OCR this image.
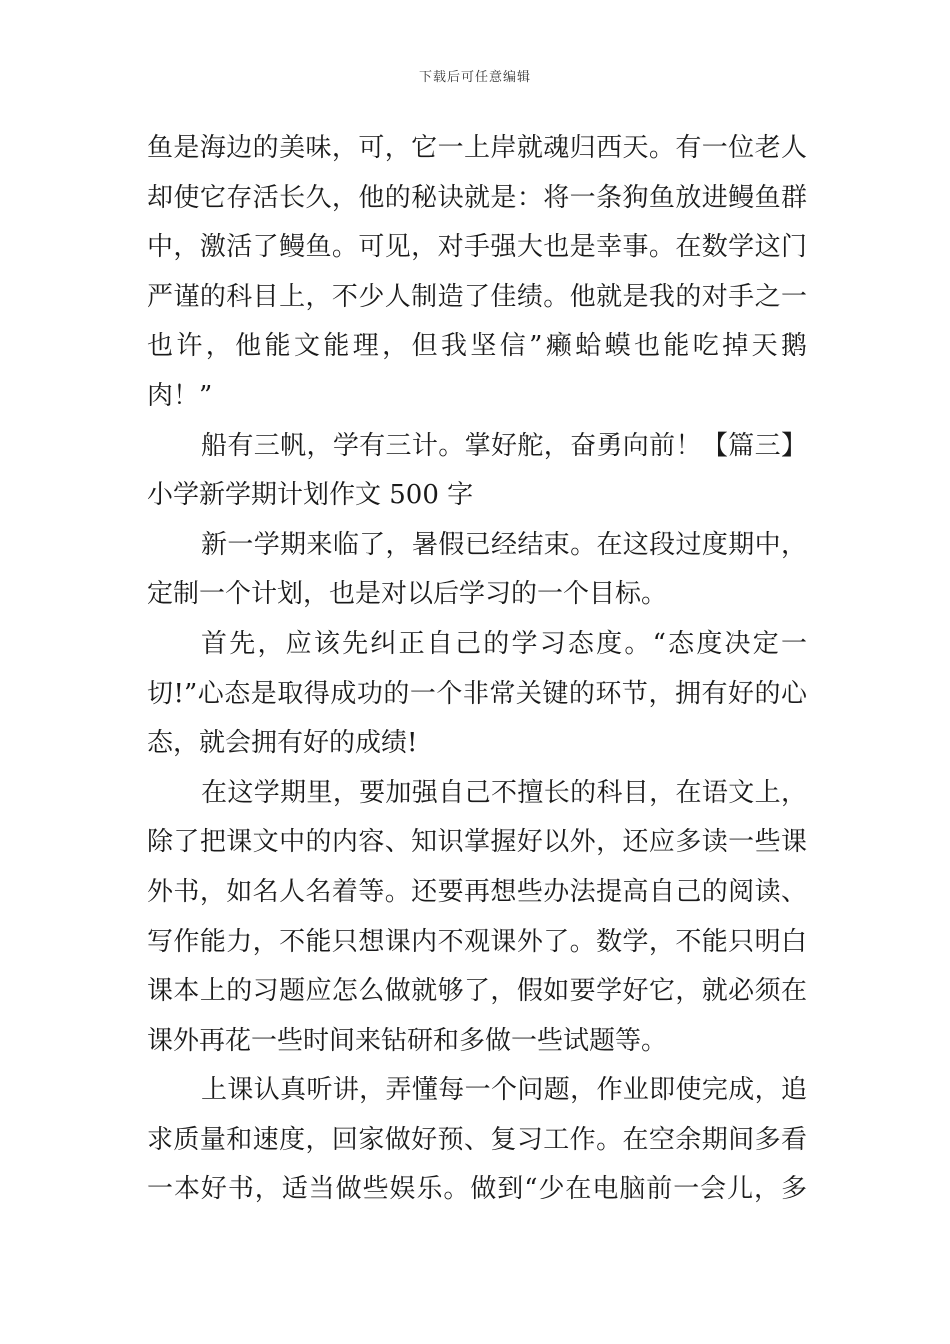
下载后可任意编辑
鱼是海边的美味，可，它一上岸就魂归西天。有一位老人
却使它存活长久，他的秘诀就是：将一条狗鱼放进鳗鱼群
中，激活了鳗鱼。可见，对手强大也是幸事。在数学这门
严谨的科目上，不少人制造了佳绩。他就是我的对手之一
也许，他能文能理，但我坚信”癞蛤蟆也能吃掉天鹅
肉！”
船有三帆，学有三计。掌好舵，奋勇向前！【篇三】
小学新学期计划作文 500 字
新一学期来临了，暑假已经结束。在这段过度期中，
定制一个计划，也是对以后学习的一个目标。
首先，应该先纠正自己的学习态度。“态度决定一
切!”心态是取得成功的一个非常关键的环节，拥有好的心
态，就会拥有好的成绩!
在这学期里，要加强自己不擅长的科目，在语文上，
除了把课文中的内容、知识掌握好以外，还应多读一些课
外书，如名人名着等。还要再想些办法提高自己的阅读、
写作能力，不能只想课内不观课外了。数学，不能只明白
课本上的习题应怎么做就够了，假如要学好它，就必须在
课外再花一些时间来钻研和多做一些试题等。
上课认真听讲，弄懂每一个问题，作业即使完成，追
求质量和速度，回家做好预、复习工作。在空余期间多看
一本好书，适当做些娱乐。做到“少在电脑前一会儿，多
